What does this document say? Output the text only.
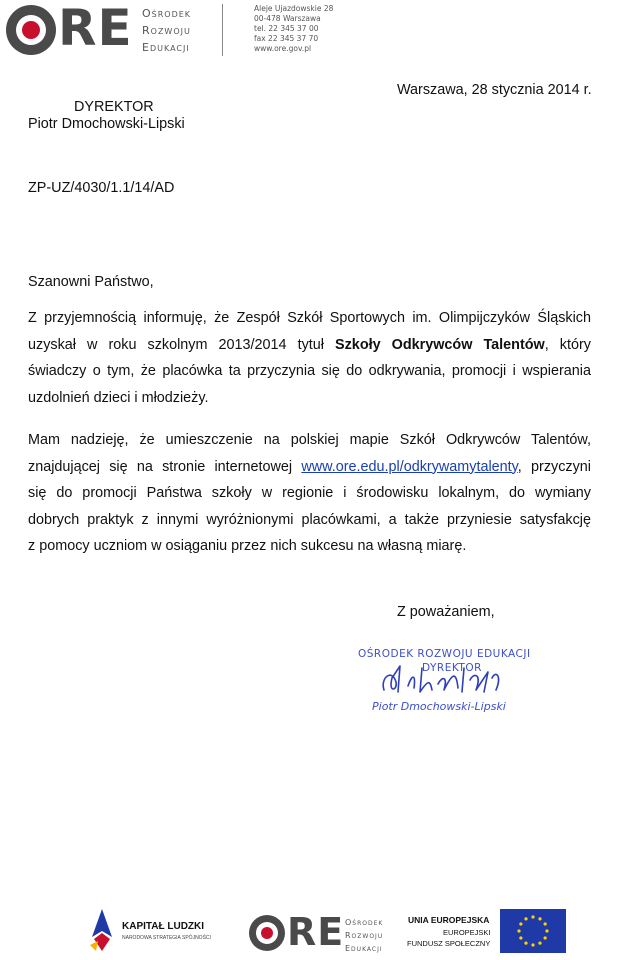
RE Ośrodek
Rozwoju
Edukacji
Aleje Ujazdowskie 28
00-478 Warszawa
tel. 22 345 37 00
fax 22 345 37 70
www.ore.gov.pl
Warszawa, 28 stycznia 2014 r.
DYREKTOR
Piotr Dmochowski-Lipski
ZP-UZ/4030/1.1/14/AD
Szanowni Państwo,
Z przyjemnością informuję, że Zespół Szkół Sportowych im. Olimpijczyków Śląskich
uzyskał w roku szkolnym 2013/2014 tytuł Szkoły Odkrywców Talentów, który
świadczy o tym, że placówka ta przyczynia się do odkrywania, promocji i wspierania
uzdolnień dzieci i młodzieży.
Mam nadzieję, że umieszczenie na polskiej mapie Szkół Odkrywców Talentów,
znajdującej się na stronie internetowej www.ore.edu.pl/odkrywamytalenty, przyczyni
się do promocji Państwa szkoły w regionie i środowisku lokalnym, do wymiany
dobrych praktyk z innymi wyróżnionymi placówkami, a także przyniesie satysfakcję
z pomocy uczniom w osiąganiu przez nich sukcesu na własną miarę.
Z poważaniem,
OŚRODEK ROZWOJU EDUKACJI
DYREKTOR
Piotr Dmochowski-Lipski
KAPITAŁ LUDZKI
NARODOWA STRATEGIA SPÓJNOŚCI RE Ośrodek
Rozwoju
Edukacji
UNIA EUROPEJSKA
EUROPEJSKI
FUNDUSZ SPOŁECZNY
